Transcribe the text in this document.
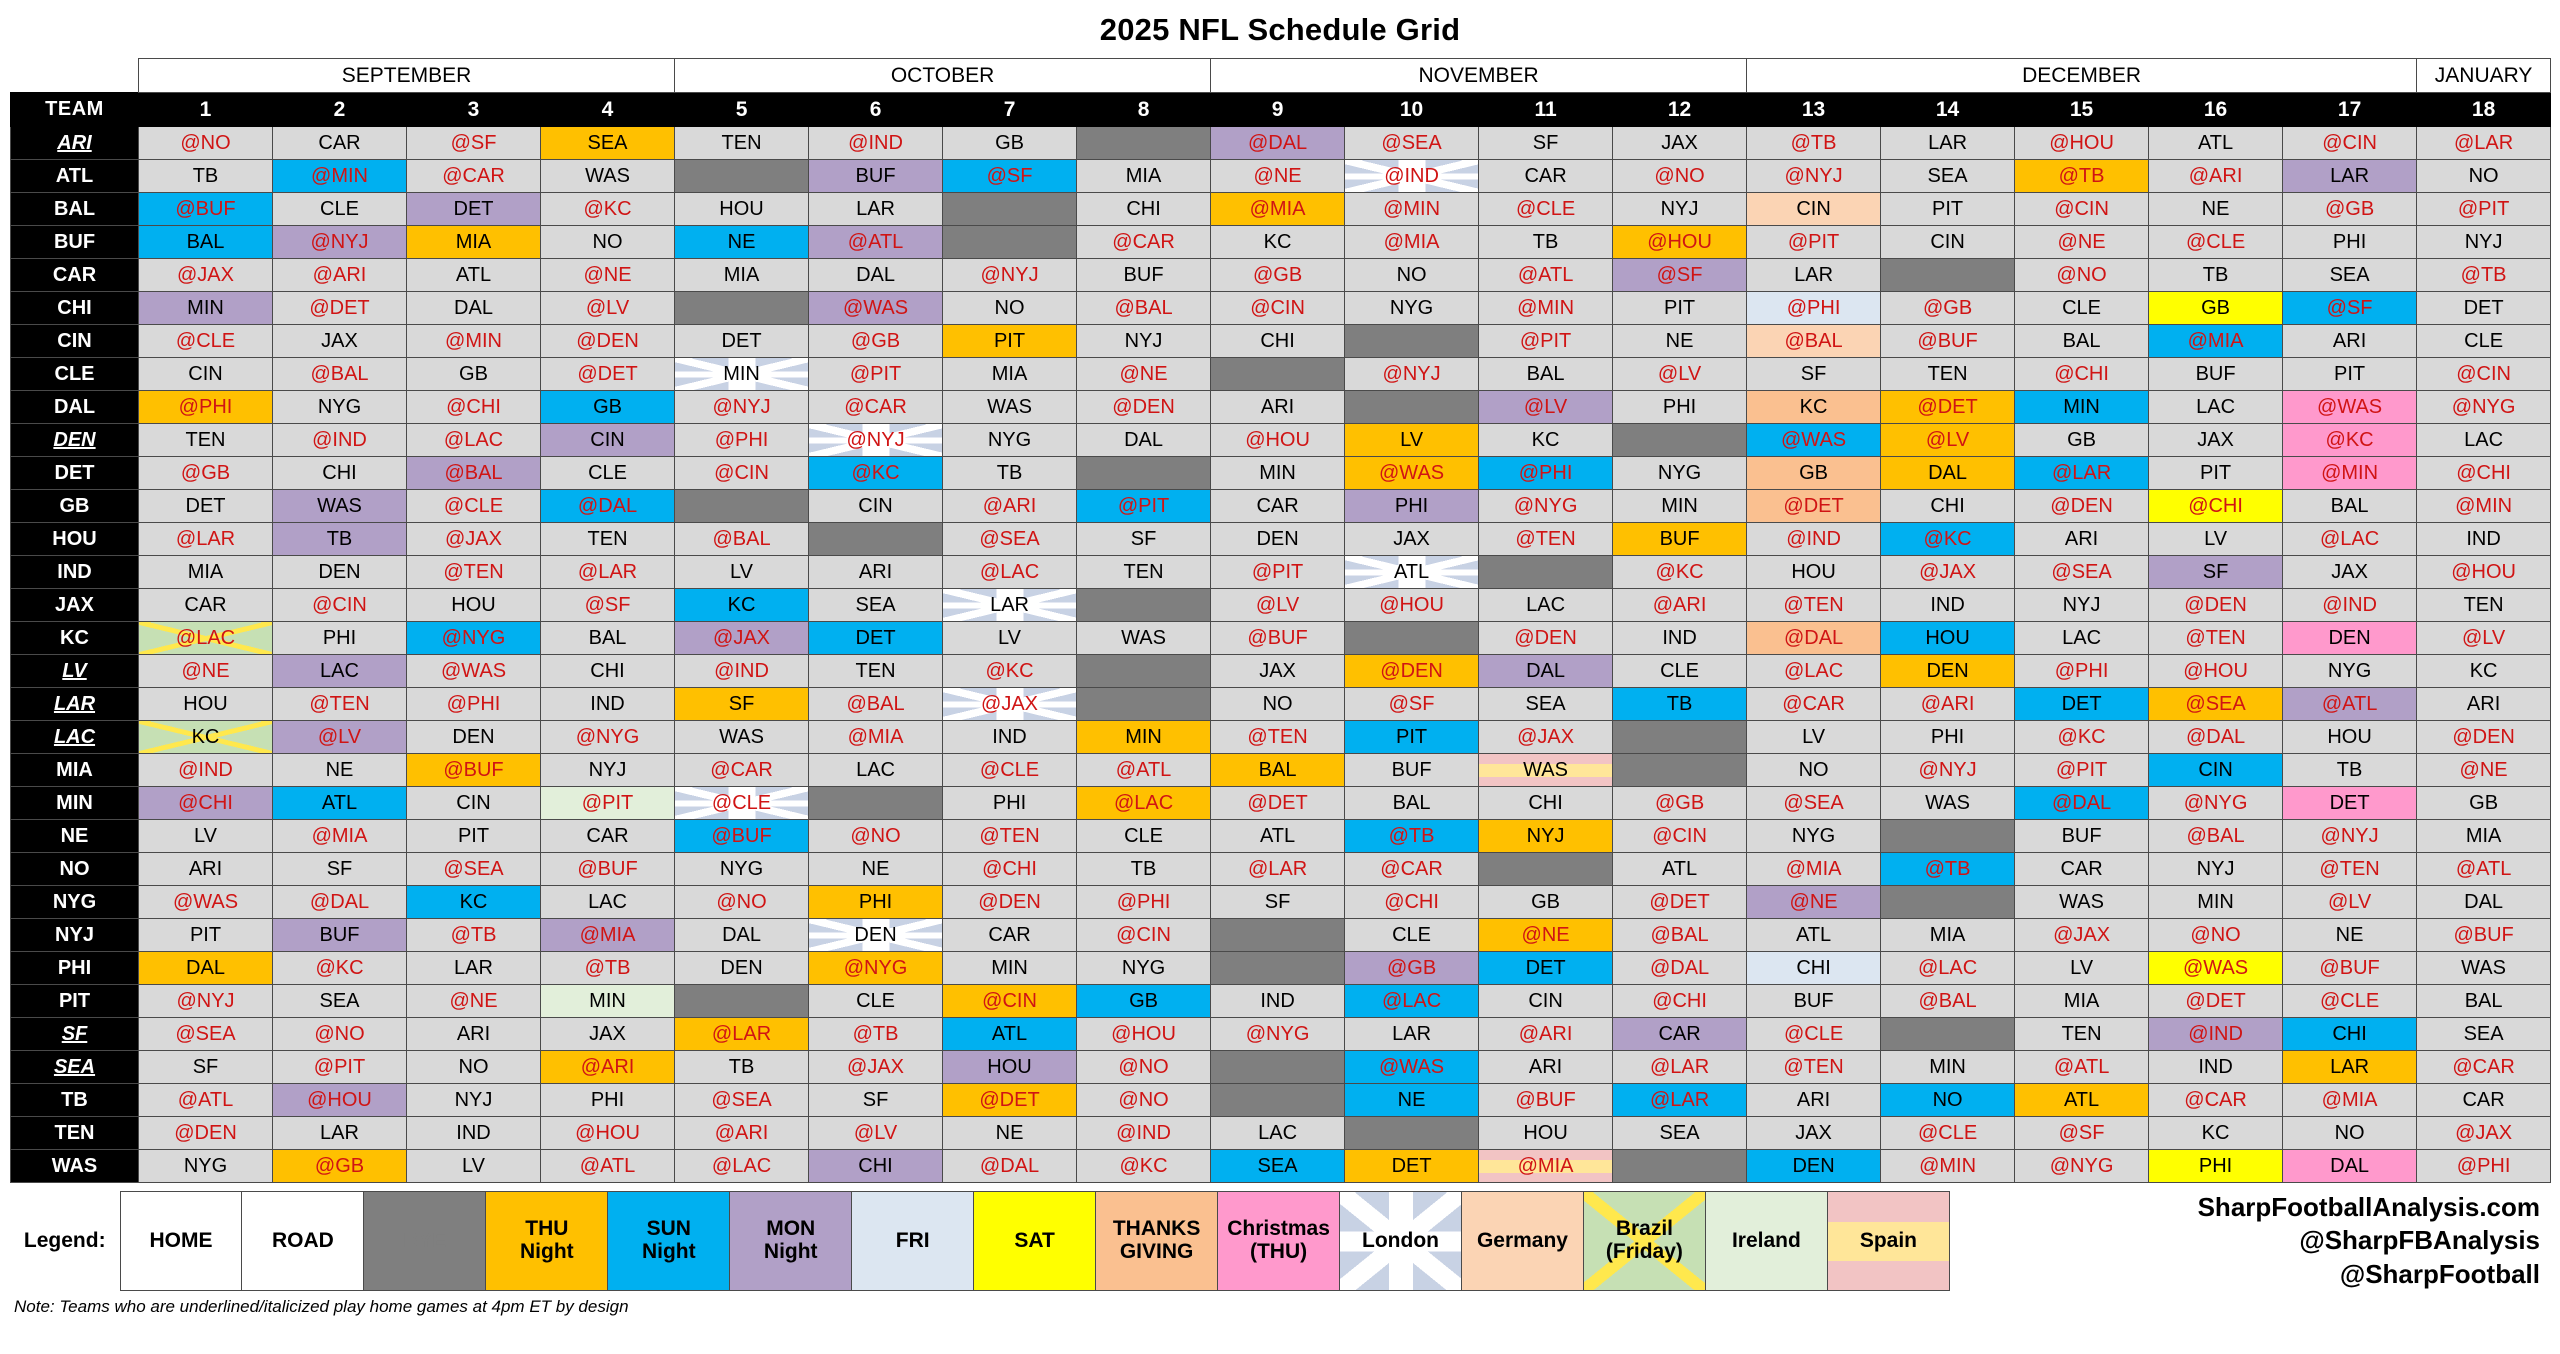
2025 NFL Schedule Grid
	SEPTEMBER				OCTOBER				NOVEMBER				DECEMBER					JANUARY	
TEAM	1	2	3	4	5	6	7	8	9	10	11	12	13	14	15	16	17	18	
ARI	@NO	CAR	@SF	SEA	TEN	@IND	GB		@DAL	@SEA	SF	JAX	@TB	LAR	@HOU	ATL	@CIN	@LAR	
ATL	TB	@MIN	@CAR	WAS		BUF	@SF	MIA	@NE	@IND	CAR	@NO	@NYJ	SEA	@TB	@ARI	LAR	NO	
BAL	@BUF	CLE	DET	@KC	HOU	LAR		CHI	@MIA	@MIN	@CLE	NYJ	CIN	PIT	@CIN	NE	@GB	@PIT	
BUF	BAL	@NYJ	MIA	NO	NE	@ATL		@CAR	KC	@MIA	TB	@HOU	@PIT	CIN	@NE	@CLE	PHI	NYJ	
CAR	@JAX	@ARI	ATL	@NE	MIA	DAL	@NYJ	BUF	@GB	NO	@ATL	@SF	LAR		@NO	TB	SEA	@TB	
CHI	MIN	@DET	DAL	@LV		@WAS	NO	@BAL	@CIN	NYG	@MIN	PIT	@PHI	@GB	CLE	GB	@SF	DET	
CIN	@CLE	JAX	@MIN	@DEN	DET	@GB	PIT	NYJ	CHI		@PIT	NE	@BAL	@BUF	BAL	@MIA	ARI	CLE	
CLE	CIN	@BAL	GB	@DET	MIN	@PIT	MIA	@NE		@NYJ	BAL	@LV	SF	TEN	@CHI	BUF	PIT	@CIN	
DAL	@PHI	NYG	@CHI	GB	@NYJ	@CAR	WAS	@DEN	ARI		@LV	PHI	KC	@DET	MIN	LAC	@WAS	@NYG	
DEN	TEN	@IND	@LAC	CIN	@PHI	@NYJ	NYG	DAL	@HOU	LV	KC		@WAS	@LV	GB	JAX	@KC	LAC	
DET	@GB	CHI	@BAL	CLE	@CIN	@KC	TB		MIN	@WAS	@PHI	NYG	GB	DAL	@LAR	PIT	@MIN	@CHI	
GB	DET	WAS	@CLE	@DAL		CIN	@ARI	@PIT	CAR	PHI	@NYG	MIN	@DET	CHI	@DEN	@CHI	BAL	@MIN	
HOU	@LAR	TB	@JAX	TEN	@BAL		@SEA	SF	DEN	JAX	@TEN	BUF	@IND	@KC	ARI	LV	@LAC	IND	
IND	MIA	DEN	@TEN	@LAR	LV	ARI	@LAC	TEN	@PIT	ATL		@KC	HOU	@JAX	@SEA	SF	JAX	@HOU	
JAX	CAR	@CIN	HOU	@SF	KC	SEA	LAR		@LV	@HOU	LAC	@ARI	@TEN	IND	NYJ	@DEN	@IND	TEN	
KC	@LAC	PHI	@NYG	BAL	@JAX	DET	LV	WAS	@BUF		@DEN	IND	@DAL	HOU	LAC	@TEN	DEN	@LV	
LV	@NE	LAC	@WAS	CHI	@IND	TEN	@KC		JAX	@DEN	DAL	CLE	@LAC	DEN	@PHI	@HOU	NYG	KC	
LAR	HOU	@TEN	@PHI	IND	SF	@BAL	@JAX		NO	@SF	SEA	TB	@CAR	@ARI	DET	@SEA	@ATL	ARI	
LAC	KC	@LV	DEN	@NYG	WAS	@MIA	IND	MIN	@TEN	PIT	@JAX		LV	PHI	@KC	@DAL	HOU	@DEN	
MIA	@IND	NE	@BUF	NYJ	@CAR	LAC	@CLE	@ATL	BAL	BUF	WAS		NO	@NYJ	@PIT	CIN	TB	@NE	
MIN	@CHI	ATL	CIN	@PIT	@CLE		PHI	@LAC	@DET	BAL	CHI	@GB	@SEA	WAS	@DAL	@NYG	DET	GB	
NE	LV	@MIA	PIT	CAR	@BUF	@NO	@TEN	CLE	ATL	@TB	NYJ	@CIN	NYG		BUF	@BAL	@NYJ	MIA	
NO	ARI	SF	@SEA	@BUF	NYG	NE	@CHI	TB	@LAR	@CAR		ATL	@MIA	@TB	CAR	NYJ	@TEN	@ATL	
NYG	@WAS	@DAL	KC	LAC	@NO	PHI	@DEN	@PHI	SF	@CHI	GB	@DET	@NE		WAS	MIN	@LV	DAL	
NYJ	PIT	BUF	@TB	@MIA	DAL	DEN	CAR	@CIN		CLE	@NE	@BAL	ATL	MIA	@JAX	@NO	NE	@BUF	
PHI	DAL	@KC	LAR	@TB	DEN	@NYG	MIN	NYG		@GB	DET	@DAL	CHI	@LAC	LV	@WAS	@BUF	WAS	
PIT	@NYJ	SEA	@NE	MIN		CLE	@CIN	GB	IND	@LAC	CIN	@CHI	BUF	@BAL	MIA	@DET	@CLE	BAL	
SF	@SEA	@NO	ARI	JAX	@LAR	@TB	ATL	@HOU	@NYG	LAR	@ARI	CAR	@CLE		TEN	@IND	CHI	SEA	
SEA	SF	@PIT	NO	@ARI	TB	@JAX	HOU	@NO		@WAS	ARI	@LAR	@TEN	MIN	@ATL	IND	LAR	@CAR	
TB	@ATL	@HOU	NYJ	PHI	@SEA	SF	@DET	@NO		NE	@BUF	@LAR	ARI	NO	ATL	@CAR	@MIA	CAR	
TEN	@DEN	LAR	IND	@HOU	@ARI	@LV	NE	@IND	LAC		HOU	SEA	JAX	@CLE	@SF	KC	NO	@JAX	
WAS	NYG	@GB	LV	@ATL	@LAC	CHI	@DAL	@KC	SEA	DET	@MIA		DEN	@MIN	@NYG	PHI	DAL	@PHI	
Legend:	HOME	ROAD	BYE	THU
Night	SUN
Night	MON
Night	FRI	SAT	THANKS
GIVING	Christmas
(THU)	London	Germany	Brazil
(Friday)	Ireland	Spain
SharpFootballAnalysis.com
@SharpFBAnalysis
@SharpFootball
Note: Teams who are underlined/italicized play home games at 4pm ET by design
